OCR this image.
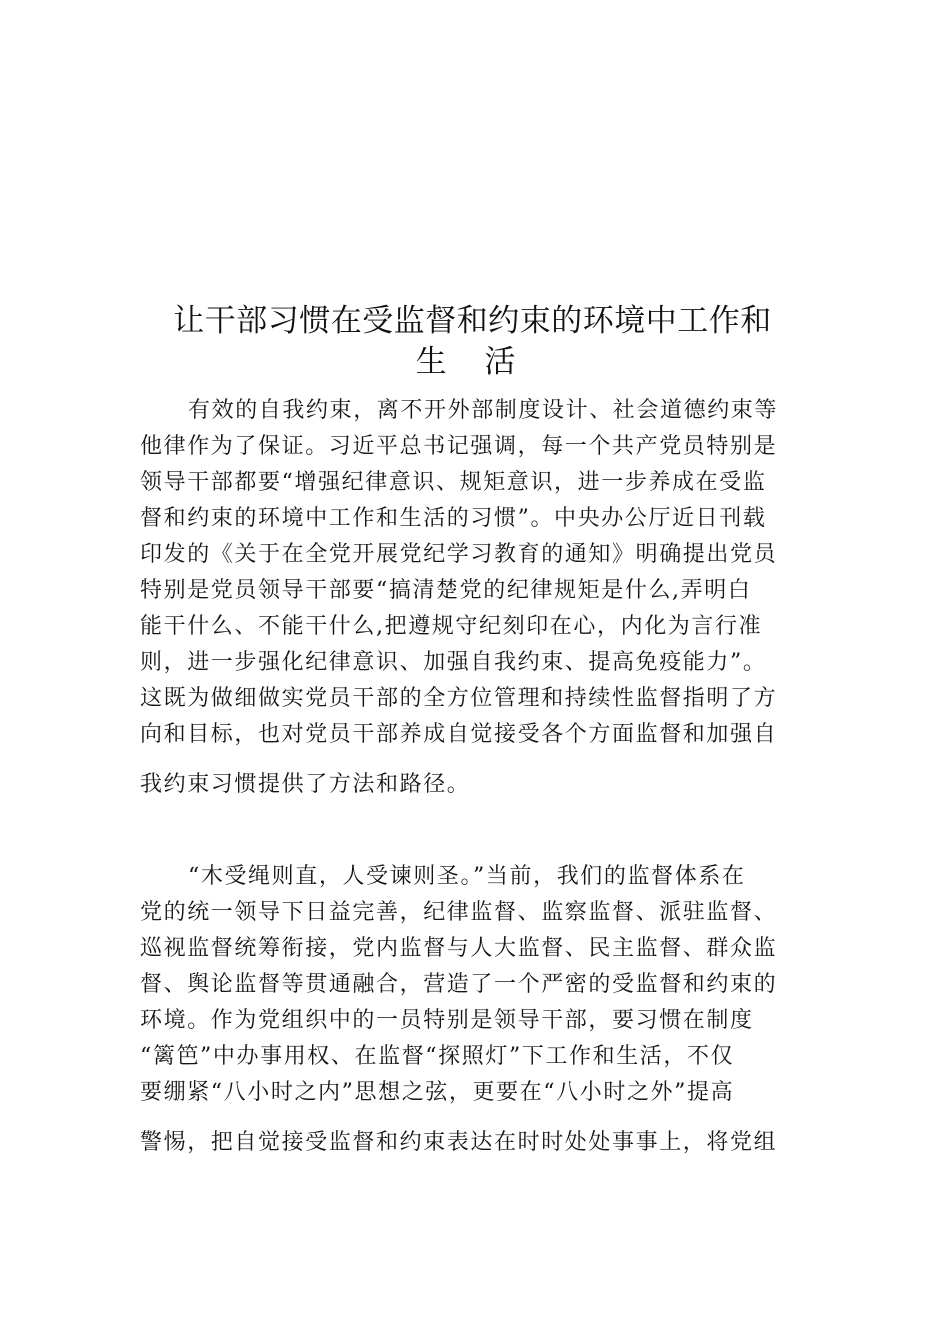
让干部习惯在受监督和约束的环境中工作和
生 活
有效的自我约束，离不开外部制度设计、社会道德约束等
他律作为了保证。习近平总书记强调，每一个共产党员特别是
领导干部都要“增强纪律意识、规矩意识，进一步养成在受监
督和约束的环境中工作和生活的习惯”。中央办公厅近日刊载
印发的《关于在全党开展党纪学习教育的通知》明确提出党员
特别是党员领导干部要“搞清楚党的纪律规矩是什么,弄明白
能干什么、不能干什么,把遵规守纪刻印在心，内化为言行准
则，进一步强化纪律意识、加强自我约束、提高免疫能力”。
这既为做细做实党员干部的全方位管理和持续性监督指明了方
向和目标，也对党员干部养成自觉接受各个方面监督和加强自
我约束习惯提供了方法和路径。
“木受绳则直，人受谏则圣。”当前，我们的监督体系在
党的统一领导下日益完善，纪律监督、监察监督、派驻监督、
巡视监督统筹衔接，党内监督与人大监督、民主监督、群众监
督、舆论监督等贯通融合，营造了一个严密的受监督和约束的
环境。作为党组织中的一员特别是领导干部，要习惯在制度
“篱笆”中办事用权、在监督“探照灯”下工作和生活，不仅
要绷紧“八小时之内”思想之弦，更要在“八小时之外”提高
警惕，把自觉接受监督和约束表达在时时处处事事上，将党组
